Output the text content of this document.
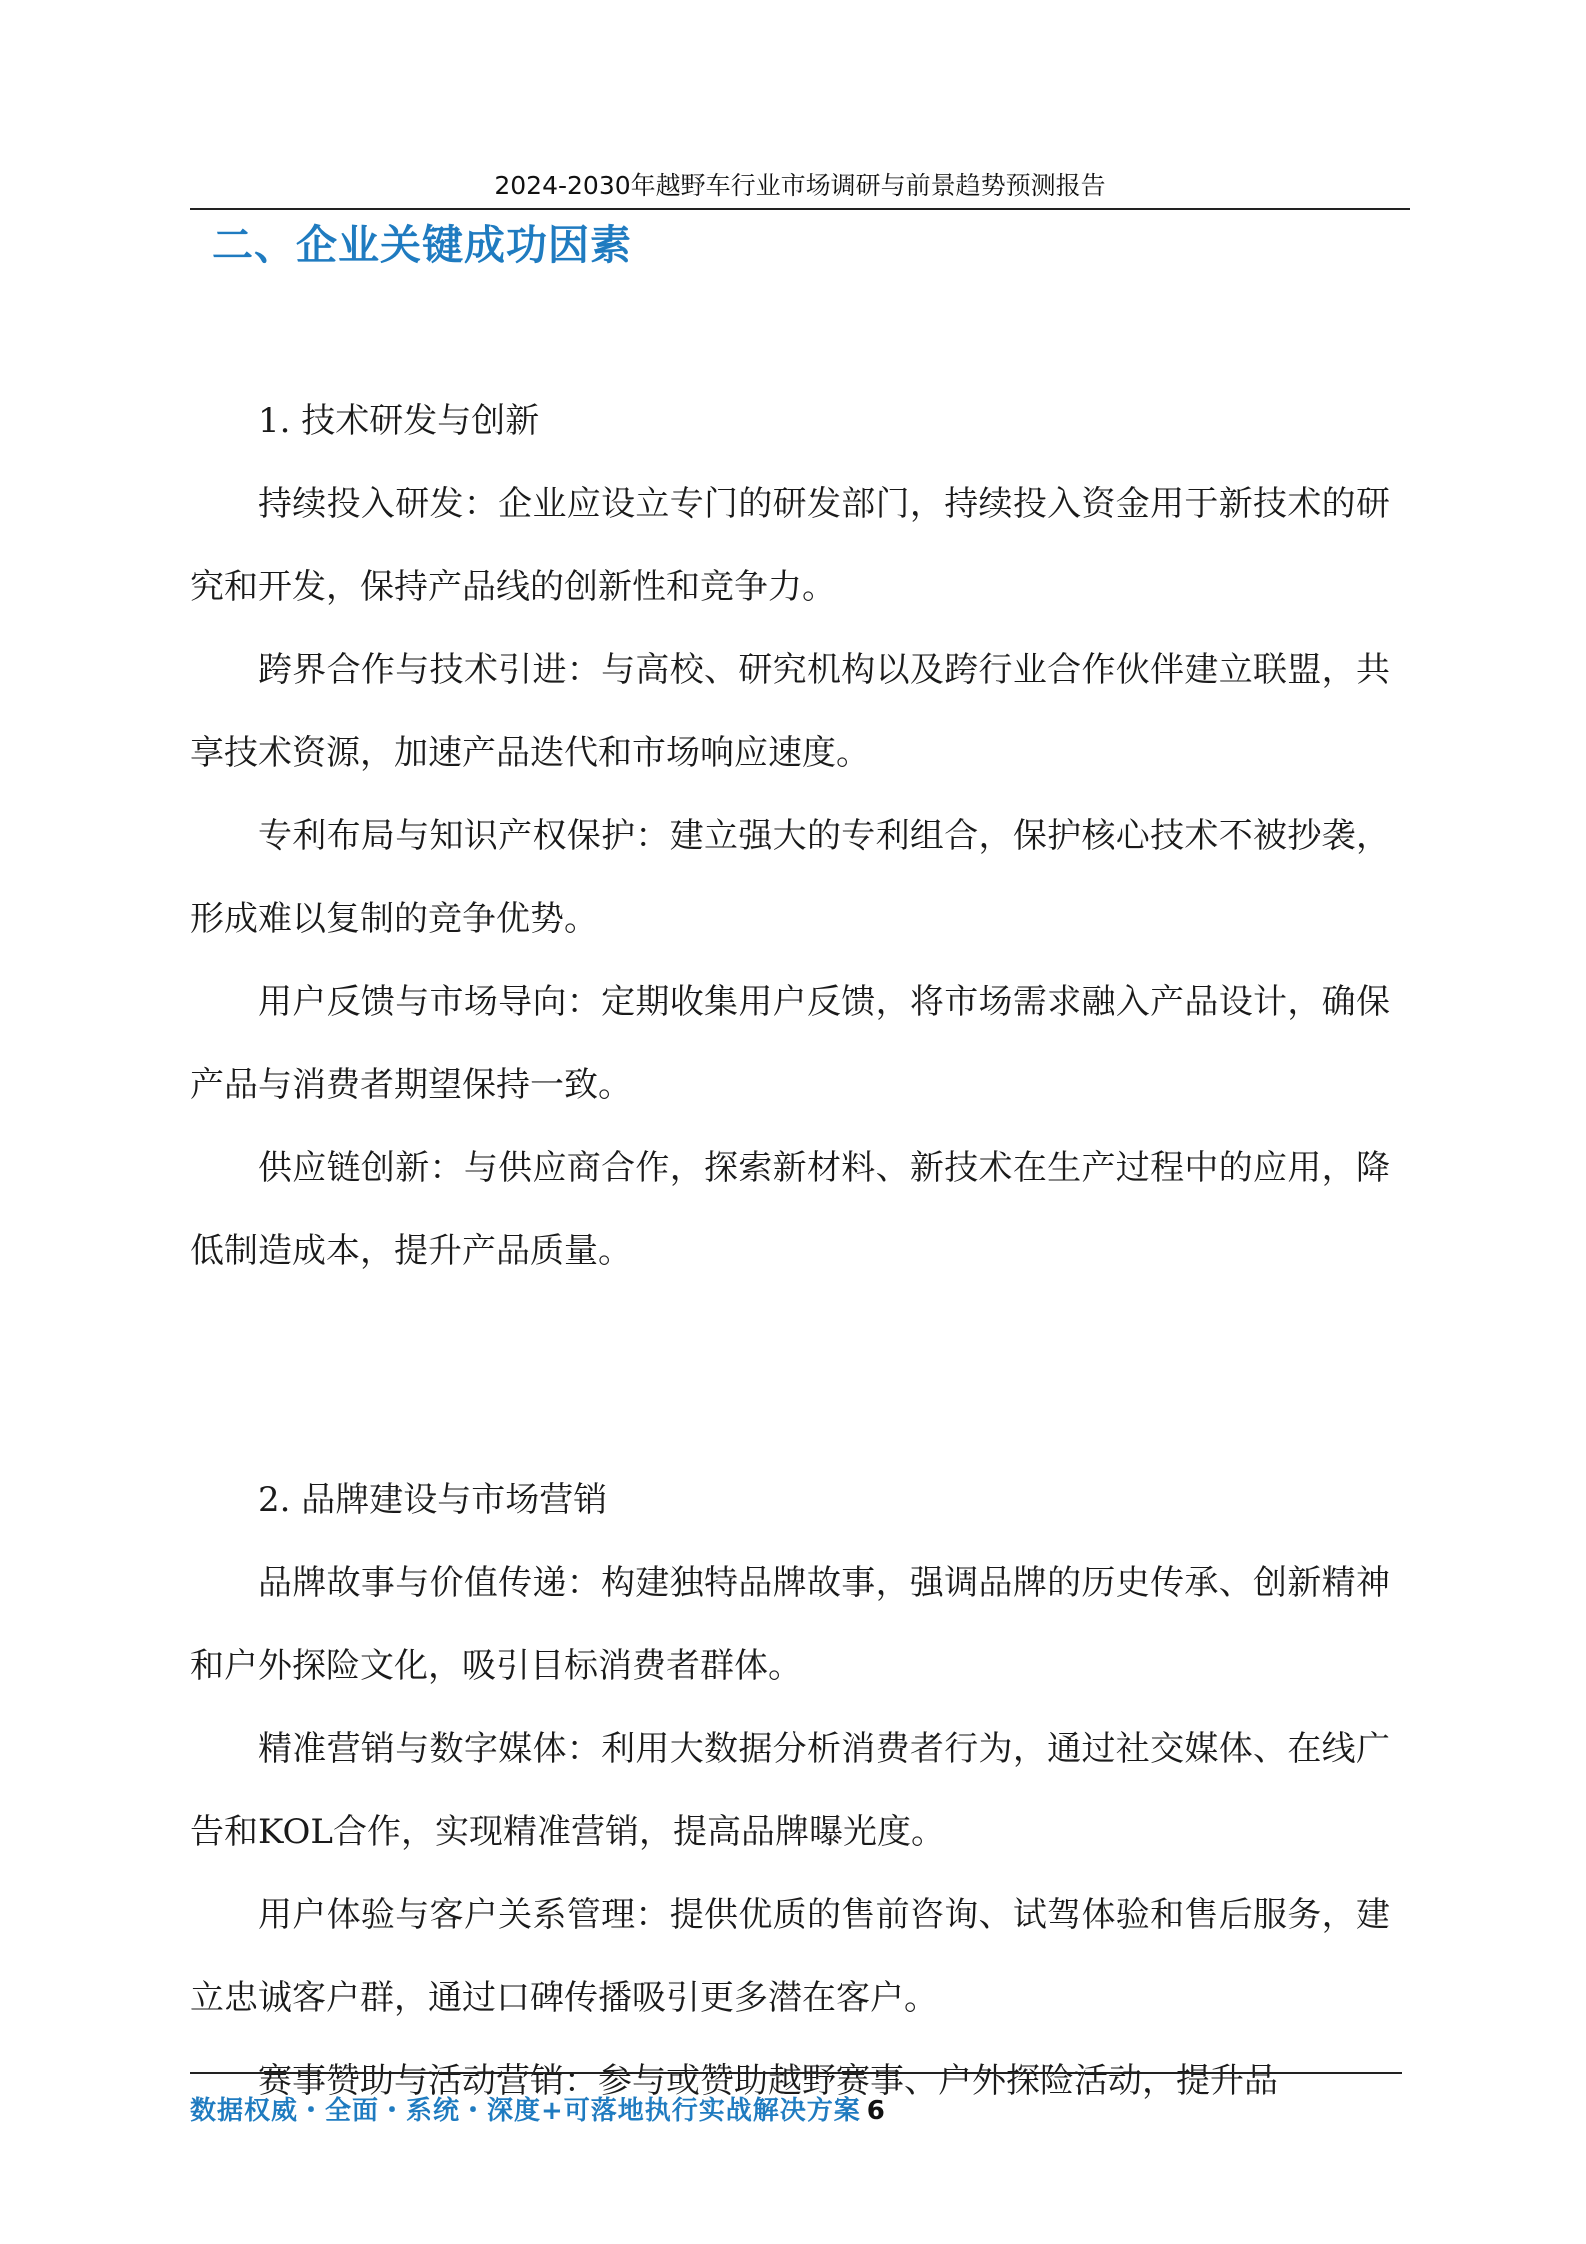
2024-2030年越野车行业市场调研与前景趋势预测报告
二、企业关键成功因素

1. 技术研发与创新

持续投入研发：企业应设立专门的研发部门，持续投入资金用于新技术的研究和开发，保持产品线的创新性和竞争力。

跨界合作与技术引进：与高校、研究机构以及跨行业合作伙伴建立联盟，共享技术资源，加速产品迭代和市场响应速度。

专利布局与知识产权保护：建立强大的专利组合，保护核心技术不被抄袭，形成难以复制的竞争优势。

用户反馈与市场导向：定期收集用户反馈，将市场需求融入产品设计，确保产品与消费者期望保持一致。

供应链创新：与供应商合作，探索新材料、新技术在生产过程中的应用，降低制造成本，提升产品质量。

2. 品牌建设与市场营销

品牌故事与价值传递：构建独特品牌故事，强调品牌的历史传承、创新精神和户外探险文化，吸引目标消费者群体。

精准营销与数字媒体：利用大数据分析消费者行为，通过社交媒体、在线广告和KOL合作，实现精准营销，提高品牌曝光度。

用户体验与客户关系管理：提供优质的售前咨询、试驾体验和售后服务，建立忠诚客户群，通过口碑传播吸引更多潜在客户。

赛事赞助与活动营销：参与或赞助越野赛事、户外探险活动，提升品

数据权威・全面・系统・深度+可落地执行实战解决方案 6
